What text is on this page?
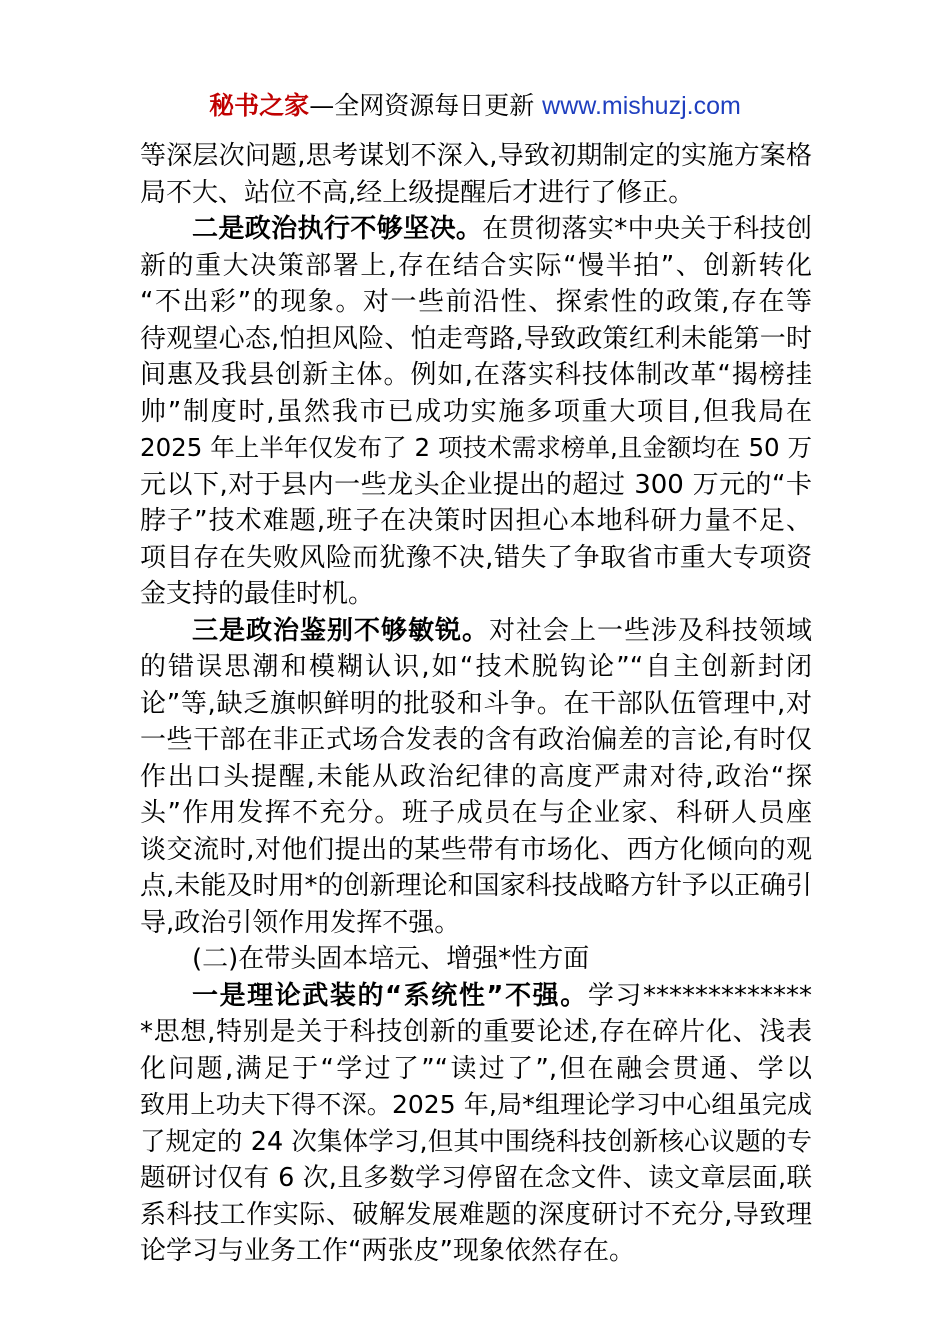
秘书之家—全网资源每日更新 www.mishuzj.com
等深层次问题,思考谋划不深入,导致初期制定的实施方案格
局不大、站位不高,经上级提醒后才进行了修正。
二是政治执行不够坚决。在贯彻落实*中央关于科技创
新的重大决策部署上,存在结合实际“慢半拍”、创新转化
“不出彩”的现象。对一些前沿性、探索性的政策,存在等
待观望心态,怕担风险、怕走弯路,导致政策红利未能第一时
间惠及我县创新主体。例如,在落实科技体制改革“揭榜挂
帅”制度时,虽然我市已成功实施多项重大项目,但我局在
2025 年上半年仅发布了 2 项技术需求榜单,且金额均在 50 万
元以下,对于县内一些龙头企业提出的超过 300 万元的“卡
脖子”技术难题,班子在决策时因担心本地科研力量不足、
项目存在失败风险而犹豫不决,错失了争取省市重大专项资
金支持的最佳时机。
三是政治鉴别不够敏锐。对社会上一些涉及科技领域
的错误思潮和模糊认识,如“技术脱钩论”“自主创新封闭
论”等,缺乏旗帜鲜明的批驳和斗争。在干部队伍管理中,对
一些干部在非正式场合发表的含有政治偏差的言论,有时仅
作出口头提醒,未能从政治纪律的高度严肃对待,政治“探
头”作用发挥不充分。班子成员在与企业家、科研人员座
谈交流时,对他们提出的某些带有市场化、西方化倾向的观
点,未能及时用*的创新理论和国家科技战略方针予以正确引
导,政治引领作用发挥不强。
(二)在带头固本培元、增强*性方面
一是理论武装的“系统性”不强。学习*************
*思想,特别是关于科技创新的重要论述,存在碎片化、浅表
化问题,满足于“学过了”“读过了”,但在融会贯通、学以
致用上功夫下得不深。2025 年,局*组理论学习中心组虽完成
了规定的 24 次集体学习,但其中围绕科技创新核心议题的专
题研讨仅有 6 次,且多数学习停留在念文件、读文章层面,联
系科技工作实际、破解发展难题的深度研讨不充分,导致理
论学习与业务工作“两张皮”现象依然存在。
